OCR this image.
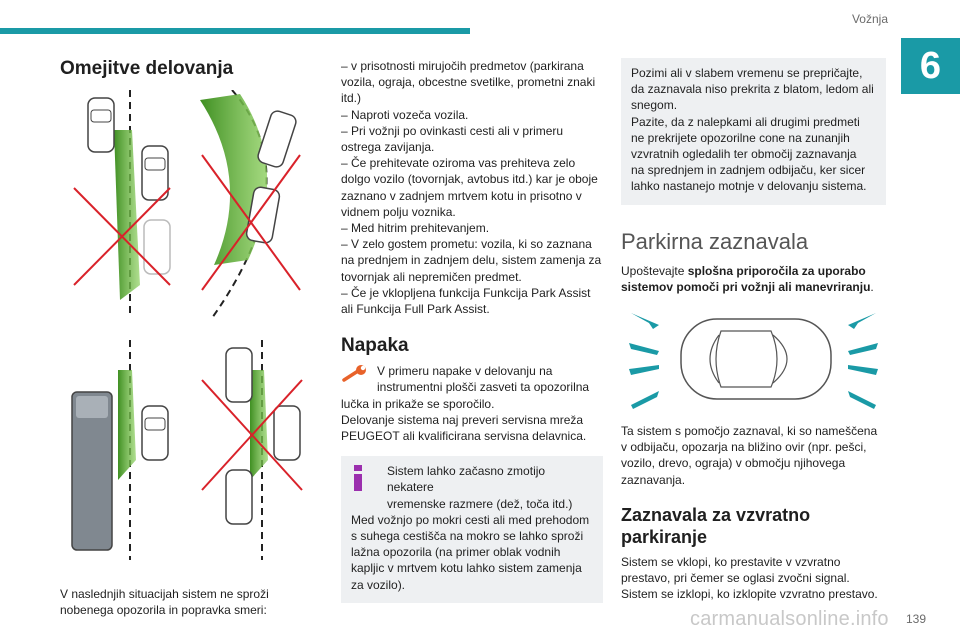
Vožnja
6
Omejitve delovanja
V naslednjih situacijah sistem ne sproži
nobenega opozorila in popravka smeri:
– v prisotnosti mirujočih predmetov (parkirana
vozila, ograja, obcestne svetilke, prometni znaki
itd.)
– Naproti vozeča vozila.
– Pri vožnji po ovinkasti cesti ali v primeru
ostrega zavijanja.
– Če prehitevate oziroma vas prehiteva zelo
dolgo vozilo (tovornjak, avtobus itd.) kar je oboje
zaznano v zadnjem mrtvem kotu in prisotno v
vidnem polju voznika.
– Med hitrim prehitevanjem.
– V zelo gostem prometu: vozila, ki so zaznana
na prednjem in zadnjem delu, sistem zamenja za
tovornjak ali nepremičen predmet.
– Če je vklopljena funkcija Funkcija Park Assist
ali Funkcija Full Park Assist.
Napaka
V primeru napake v delovanju na
instrumentni plošči zasveti ta opozorilna
lučka in prikaže se sporočilo.
Delovanje sistema naj preveri servisna mreža
PEUGEOT ali kvalificirana servisna delavnica.
Sistem lahko začasno zmotijo nekatere
vremenske razmere (dež, toča itd.)
Med vožnjo po mokri cesti ali med prehodom
s suhega cestišča na mokro se lahko sproži
lažna opozorila (na primer oblak vodnih
kapljic v mrtvem kotu lahko sistem zamenja
za vozilo).
Pozimi ali v slabem vremenu se prepričajte,
da zaznavala niso prekrita z blatom, ledom ali
snegom.
Pazite, da z nalepkami ali drugimi predmeti
ne prekrijete opozorilne cone na zunanjih
vzvratnih ogledalih ter območij zaznavanja
na sprednjem in zadnjem odbijaču, ker sicer
lahko nastanejo motnje v delovanju sistema.
Parkirna zaznavala
Upoštevajte splošna priporočila za uporabo
sistemov pomoči pri vožnji ali manevriranju.
Ta sistem s pomočjo zaznaval, ki so nameščena
v odbijaču, opozarja na bližino ovir (npr. pešci,
vozilo, drevo, ograja) v območju njihovega
zaznavanja.
Zaznavala za vzvratno
parkiranje
Sistem se vklopi, ko prestavite v vzvratno
prestavo, pri čemer se oglasi zvočni signal.
Sistem se izklopi, ko izklopite vzvratno prestavo.
carmanualsonline.info 139
